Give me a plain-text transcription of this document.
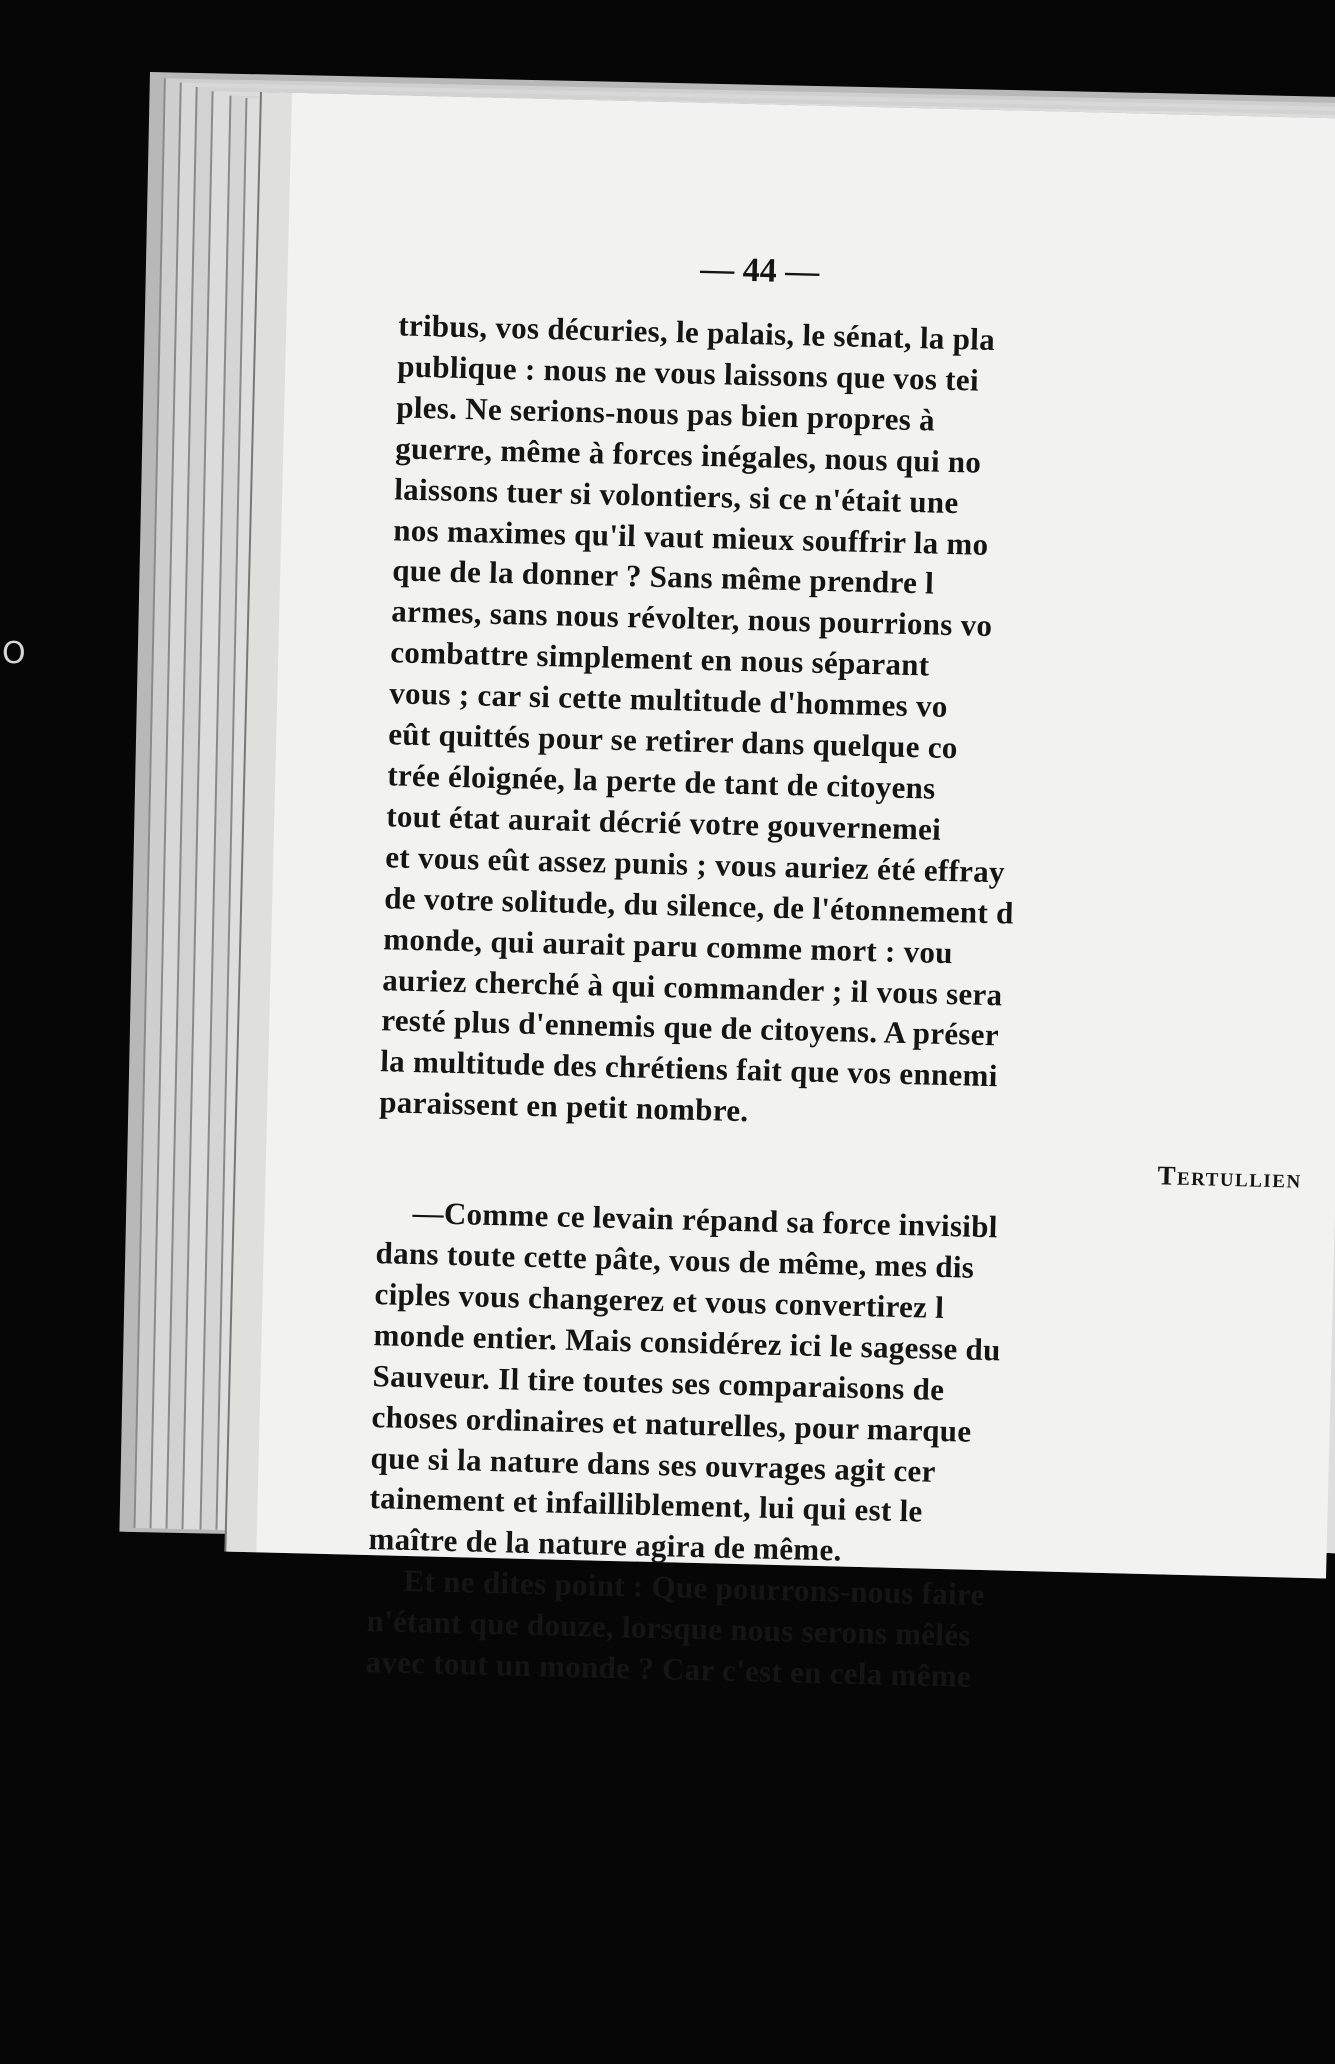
O
— 44 —
tribus, vos décuries, le palais, le sénat, la pla
publique : nous ne vous laissons que vos tei
ples. Ne serions-nous pas bien propres à
guerre, même à forces inégales, nous qui no
laissons tuer si volontiers, si ce n'était une
nos maximes qu'il vaut mieux souffrir la mo
que de la donner ? Sans même prendre l
armes, sans nous révolter, nous pourrions vo
combattre simplement en nous séparant
vous ; car si cette multitude d'hommes vo
eût quittés pour se retirer dans quelque co
trée éloignée, la perte de tant de citoyens
tout état aurait décrié votre gouvernemei
et vous eût assez punis ; vous auriez été effray
de votre solitude, du silence, de l'étonnement d
monde, qui aurait paru comme mort : vou
auriez cherché à qui commander ; il vous sera
resté plus d'ennemis que de citoyens. A préser
la multitude des chrétiens fait que vos ennemi
paraissent en petit nombre.
Tertullien
—Comme ce levain répand sa force invisibl
dans toute cette pâte, vous de même, mes dis
ciples vous changerez et vous convertirez l
monde entier. Mais considérez ici le sagesse du
Sauveur. Il tire toutes ses comparaisons de
choses ordinaires et naturelles, pour marque
que si la nature dans ses ouvrages agit cer
tainement et infailliblement, lui qui est le
maître de la nature agira de même.
Et ne dites point : Que pourrons-nous faire
n'étant que douze, lorsque nous serons mêlés
avec tout un monde ? Car c'est en cela même
